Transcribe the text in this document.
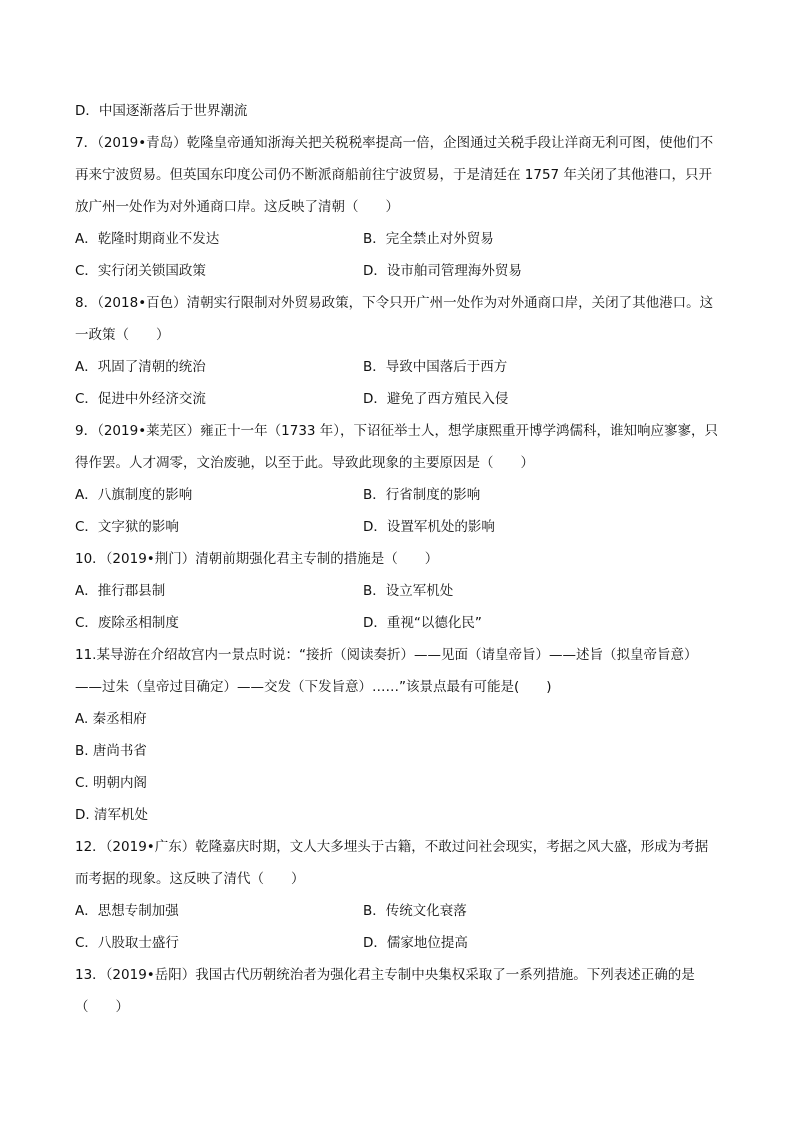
D．中国逐渐落后于世界潮流
7．（2019•青岛）乾隆皇帝通知浙海关把关税税率提高一倍，企图通过关税手段让洋商无利可图，使他们不
再来宁波贸易。但英国东印度公司仍不断派商船前往宁波贸易，于是清廷在 1757 年关闭了其他港口，只开
放广州一处作为对外通商口岸。这反映了清朝（　　）
A．乾隆时期商业不发达	B．完全禁止对外贸易
C．实行闭关锁国政策	D．设市舶司管理海外贸易
8．（2018•百色）清朝实行限制对外贸易政策，下令只开广州一处作为对外通商口岸，关闭了其他港口。这
一政策（　　）
A．巩固了清朝的统治	B．导致中国落后于西方
C．促进中外经济交流	D．避免了西方殖民入侵
9．（2019•莱芜区）雍正十一年（1733 年），下诏征举士人，想学康熙重开博学鸿儒科，谁知响应寥寥，只
得作罢。人才凋零，文治废驰，以至于此。导致此现象的主要原因是（　　）
A．八旗制度的影响	B．行省制度的影响
C．文字狱的影响	D．设置军机处的影响
10．（2019•荆门）清朝前期强化君主专制的措施是（　　）
A．推行郡县制	B．设立军机处
C．废除丞相制度	D．重视“以德化民”
11.某导游在介绍故宫内一景点时说：“接折（阅读奏折）——见面（请皇帝旨）——述旨（拟皇帝旨意）
——过朱（皇帝过目确定）——交发（下发旨意）……”该景点最有可能是(　　)
A. 秦丞相府
B. 唐尚书省
C. 明朝内阁
D. 清军机处
12．（2019•广东）乾隆嘉庆时期，文人大多埋头于古籍，不敢过问社会现实，考据之风大盛，形成为考据
而考据的现象。这反映了清代（　　）
A．思想专制加强	B．传统文化衰落
C．八股取士盛行	D．儒家地位提高
13．（2019•岳阳）我国古代历朝统治者为强化君主专制中央集权采取了一系列措施。下列表述正确的是
（　　）
